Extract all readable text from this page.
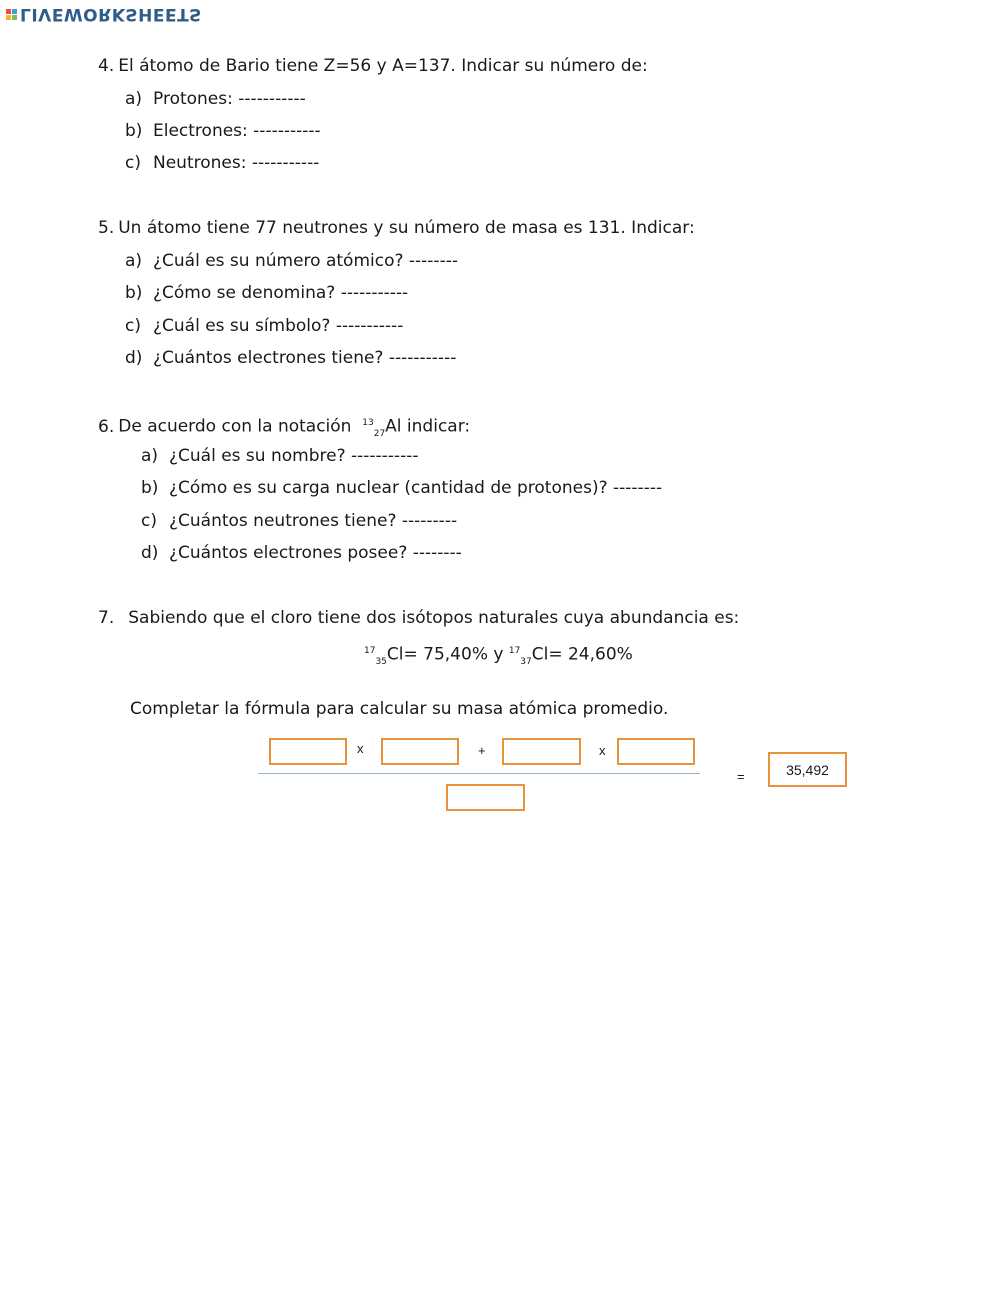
LIVEWORKSHEETS
4. El átomo de Bario tiene Z=56 y A=137. Indicar su número de:
a) Protones: -----------
b) Electrones: -----------
c) Neutrones: -----------
5. Un átomo tiene 77 neutrones y su número de masa es 131. Indicar:
a) ¿Cuál es su número atómico? --------
b) ¿Cómo se denomina? -----------
c) ¿Cuál es su símbolo? -----------
d) ¿Cuántos electrones tiene? -----------
6. De acuerdo con la notación $^{13}_{27}$Al indicar:
a) ¿Cuál es su nombre? -----------
b) ¿Cómo es su carga nuclear (cantidad de protones)? --------
c) ¿Cuántos neutrones tiene? ---------
d) ¿Cuántos electrones posee? --------
7. Sabiendo que el cloro tiene dos isótopos naturales cuya abundancia es:
$^{17}_{35}$Cl= 75,40% y $^{17}_{37}$Cl= 24,60%
Completar la fórmula para calcular su masa atómica promedio.
x	+	x
=	35,492
